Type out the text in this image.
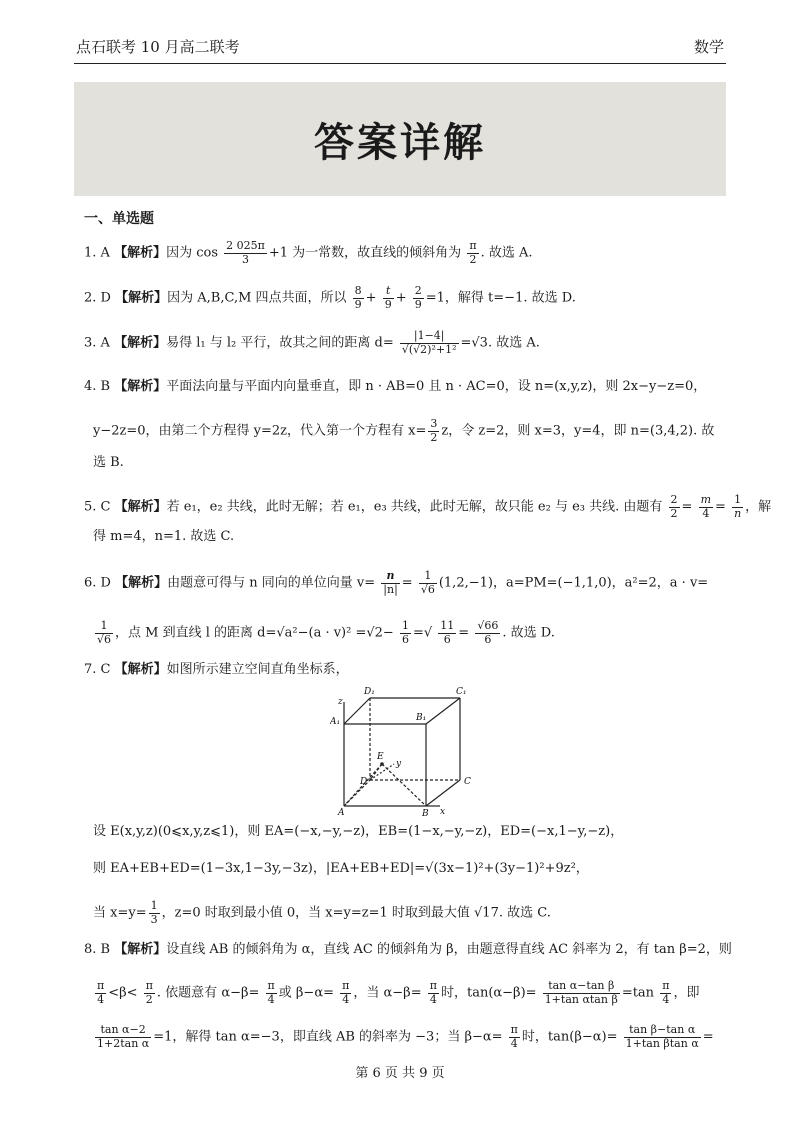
点石联考 10 月高二联考	数学
答案详解
一、单选题
1. A 【解析】因为 $\cos \frac{2 025\pi}{3} +1$ 为一常数，故直线的倾斜角为 $\frac{\pi}{2}$ . 故选 A.
2. D 【解析】因为 A,B,C,M 四点共面，所以 $\frac{8}{9} + \frac{t}{9} + \frac{2}{9} =1$，解得 t=−1. 故选 D.
3. A 【解析】易得 l₁ 与 l₂ 平行，故其之间的距离 $d= \frac{|1-4|}{\text{√(√2)²+1²}} =√3$. 故选 A.
4. B 【解析】平面法向量与平面内向量垂直，即 n · AB=0 且 n · AC=0，设 n=(x,y,z)，则 2x−y−z=0，
y−2z=0，由第二个方程得 y=2z，代入第一个方程有 $x= \frac{3}{2}$ z，令 z=2，则 x=3，y=4，即 n=(3,4,2). 故
选 B.
5. C 【解析】若 e₁，e₂ 共线，此时无解；若 e₁，e₃ 共线，此时无解，故只能 e₂ 与 e₃ 共线. 由题有 $\frac{2}{2} = \frac{m}{4} = \frac{1}{n}$ ，解
得 m=4，n=1. 故选 C.
6. D 【解析】由题意可得与 n 同向的单位向量 $v= \frac{n}{|n|} = \frac{1}{√6} (1,2,-1)$，a=PM=(−1,1,0)，a²=2，a · v=
$\frac{1}{√6}$ ，点 M 到直线 l 的距离 $d=√a^2-(a \cdot v)^2 =√2- \frac{1}{6}$ =√ $\frac{11}{6} = \frac{√66}{6}$ . 故选 D.
7. C 【解析】如图所示建立空间直角坐标系，
D₁	C₁
A₁	B₁
z
E
D
y
C
A	B x
设 E(x,y,z)(0⩽x,y,z⩽1)，则 EA=(−x,−y,−z)，EB=(1−x,−y,−z)，ED=(−x,1−y,−z)，
则 EA+EB+ED=(1−3x,1−3y,−3z)，|EA+EB+ED|=√(3x−1)²+(3y−1)²+9z²，
当 $x=y= \frac{1}{3}$ ，z=0 时取到最小值 0，当 x=y=z=1 时取到最大值 √17. 故选 C.
8. B 【解析】设直线 AB 的倾斜角为 α，直线 AC 的倾斜角为 β，由题意得直线 AC 斜率为 2，有 tan β=2，则
$\frac{\pi}{4} <\beta< \frac{\pi}{2}$ . 依题意有 $\alpha-\beta= \frac{\pi}{4}$ 或 $\beta-\alpha= \frac{\pi}{4}$ ，当 $\alpha-\beta= \frac{\pi}{4}$ 时，$\tan(\alpha-\beta)= \frac{\text{tan α−tan β}}{\text{1+tan αtan β}} =\tan \frac{\pi}{4}$ ，即
$\frac{\text{tan α−2}}{\text{1+2tan α}} =1$，解得 tan α=−3，即直线 AB 的斜率为 −3；当 $\beta-\alpha= \frac{\pi}{4}$ 时，$\tan(\beta-\alpha)= \frac{\text{tan β−tan α}}{\text{1+tan βtan α}}$ =
第 6 页 共 9 页
